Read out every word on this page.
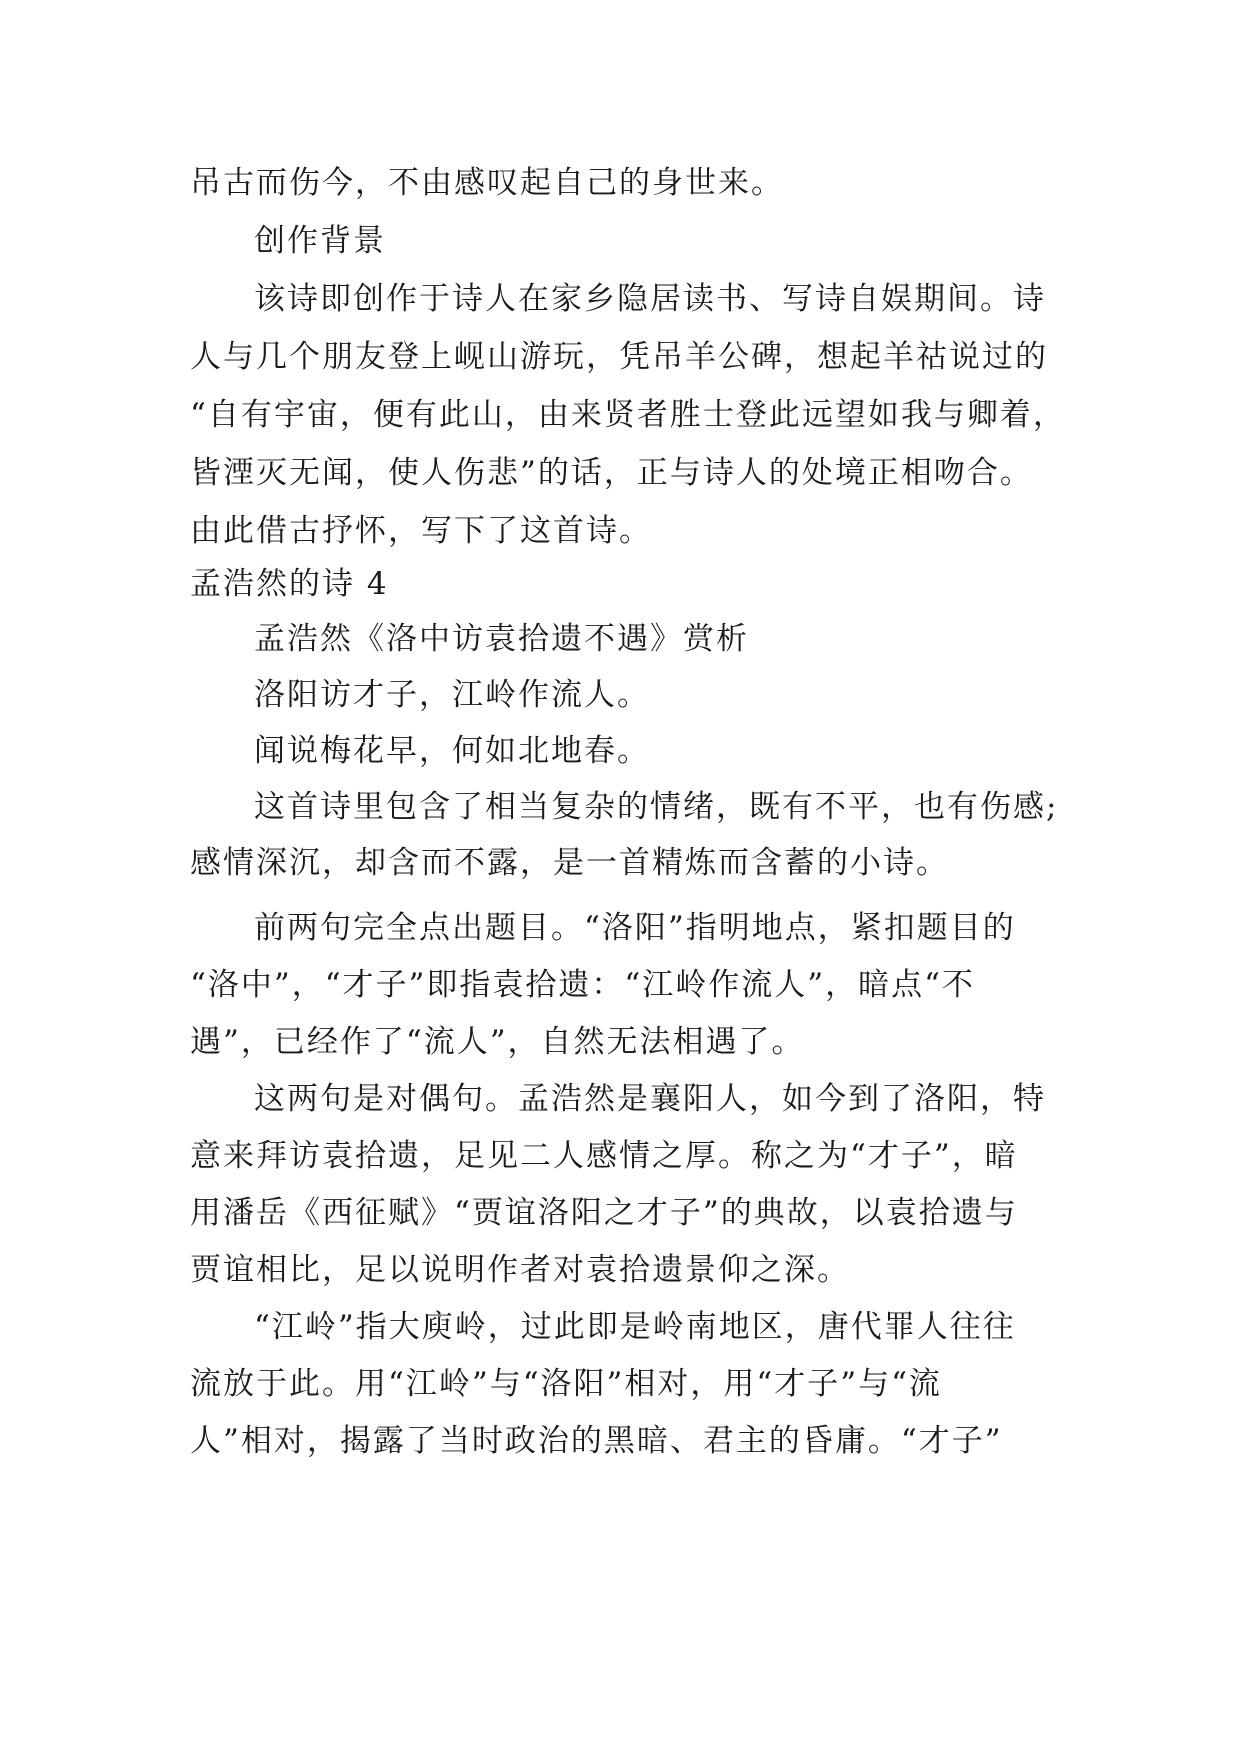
吊古而伤今，不由感叹起自己的身世来。
创作背景
该诗即创作于诗人在家乡隐居读书、写诗自娱期间。诗
人与几个朋友登上岘山游玩，凭吊羊公碑，想起羊祜说过的
“自有宇宙，便有此山，由来贤者胜士登此远望如我与卿着，
皆湮灭无闻，使人伤悲”的话，正与诗人的处境正相吻合。
由此借古抒怀，写下了这首诗。
孟浩然的诗 4
孟浩然《洛中访袁拾遗不遇》赏析
洛阳访才子，江岭作流人。
闻说梅花早，何如北地春。
这首诗里包含了相当复杂的情绪，既有不平，也有伤感;
感情深沉，却含而不露，是一首精炼而含蓄的小诗。
前两句完全点出题目。“洛阳”指明地点，紧扣题目的
“洛中”，“才子”即指袁拾遗：“江岭作流人”，暗点“不
遇”，已经作了“流人”，自然无法相遇了。
这两句是对偶句。孟浩然是襄阳人，如今到了洛阳，特
意来拜访袁拾遗，足见二人感情之厚。称之为“才子”，暗
用潘岳《西征赋》“贾谊洛阳之才子”的典故，以袁拾遗与
贾谊相比，足以说明作者对袁拾遗景仰之深。
“江岭”指大庾岭，过此即是岭南地区，唐代罪人往往
流放于此。用“江岭”与“洛阳”相对，用“才子”与“流
人”相对，揭露了当时政治的黑暗、君主的昏庸。“才子”
